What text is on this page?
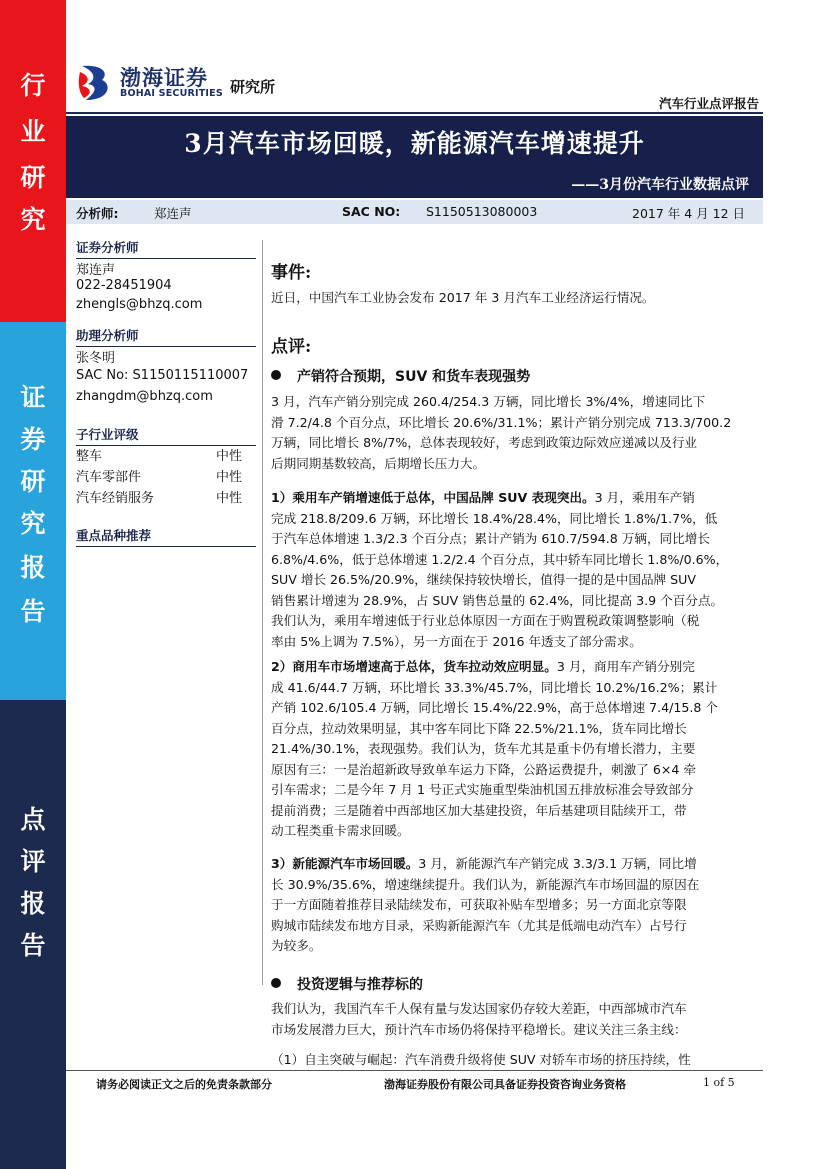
行
业
研
究
证
券
研
究
报
告
点
评
报
告
渤海证券
BOHAI SECURITIES 研究所
汽车行业点评报告
3月汽车市场回暖，新能源汽车增速提升
——3月份汽车行业数据点评
分析师:	郑连声	SAC NO: S1150513080003	2017 年 4 月 12 日
证券分析师
郑连声
022-28451904
zhengls@bhzq.com
助理分析师
张冬明
SAC No: S1150115110007
zhangdm@bhzq.com
子行业评级
整车	中性
汽车零部件	中性
汽车经销服务	中性
重点品种推荐
事件:
近日，中国汽车工业协会发布 2017 年 3 月汽车工业经济运行情况。
点评:
产销符合预期，SUV 和货车表现强势
3 月，汽车产销分别完成 260.4/254.3 万辆，同比增长 3%/4%，增速同比下
滑 7.2/4.8 个百分点，环比增长 20.6%/31.1%；累计产销分别完成 713.3/700.2
万辆，同比增长 8%/7%，总体表现较好，考虑到政策边际效应递减以及行业
后期同期基数较高，后期增长压力大。
1）乘用车产销增速低于总体，中国品牌 SUV 表现突出。3 月，乘用车产销
完成 218.8/209.6 万辆，环比增长 18.4%/28.4%，同比增长 1.8%/1.7%，低
于汽车总体增速 1.3/2.3 个百分点；累计产销为 610.7/594.8 万辆，同比增长
6.8%/4.6%，低于总体增速 1.2/2.4 个百分点，其中轿车同比增长 1.8%/0.6%，
SUV 增长 26.5%/20.9%，继续保持较快增长，值得一提的是中国品牌 SUV
销售累计增速为 28.9%，占 SUV 销售总量的 62.4%，同比提高 3.9 个百分点。
我们认为，乘用车增速低于行业总体原因一方面在于购置税政策调整影响（税
率由 5%上调为 7.5%），另一方面在于 2016 年透支了部分需求。
2）商用车市场增速高于总体，货车拉动效应明显。3 月，商用车产销分别完
成 41.6/44.7 万辆，环比增长 33.3%/45.7%，同比增长 10.2%/16.2%；累计
产销 102.6/105.4 万辆，同比增长 15.4%/22.9%，高于总体增速 7.4/15.8 个
百分点，拉动效果明显，其中客车同比下降 22.5%/21.1%，货车同比增长
21.4%/30.1%，表现强势。我们认为，货车尤其是重卡仍有增长潜力，主要
原因有三：一是治超新政导致单车运力下降，公路运费提升，刺激了 6×4 牵
引车需求；二是今年 7 月 1 号正式实施重型柴油机国五排放标准会导致部分
提前消费；三是随着中西部地区加大基建投资，年后基建项目陆续开工，带
动工程类重卡需求回暖。
3）新能源汽车市场回暖。3 月，新能源汽车产销完成 3.3/3.1 万辆，同比增
长 30.9%/35.6%，增速继续提升。我们认为，新能源汽车市场回温的原因在
于一方面随着推荐目录陆续发布，可获取补贴车型增多；另一方面北京等限
购城市陆续发布地方目录，采购新能源汽车（尤其是低端电动汽车）占号行
为较多。
投资逻辑与推荐标的
我们认为，我国汽车千人保有量与发达国家仍存较大差距，中西部城市汽车
市场发展潜力巨大，预计汽车市场仍将保持平稳增长。建议关注三条主线：
（1）自主突破与崛起：汽车消费升级将使 SUV 对轿车市场的挤压持续，性
请务必阅读正文之后的免责条款部分	渤海证券股份有限公司具备证券投资咨询业务资格	1 of 5
